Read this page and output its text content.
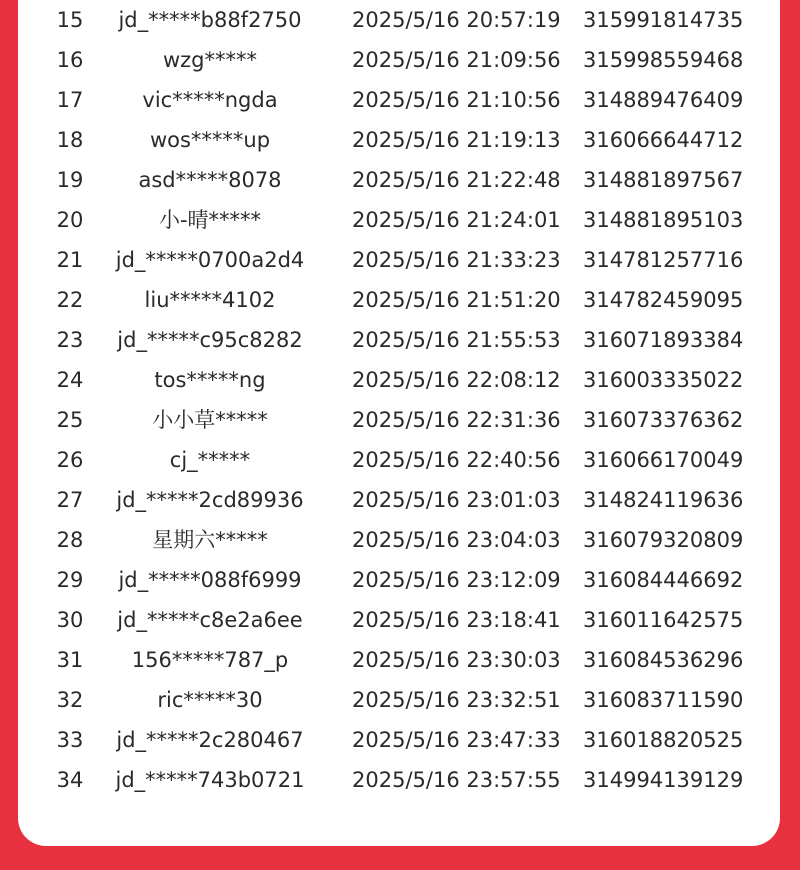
15	jd_*****b88f2750	2025/5/16 20:57:19 315991814735
16	wzg*****	2025/5/16 21:09:56 315998559468
17	vic*****ngda	2025/5/16 21:10:56 314889476409
18	wos*****up	2025/5/16 21:19:13 316066644712
19	asd*****8078	2025/5/16 21:22:48 314881897567
20	小-晴*****	2025/5/16 21:24:01 314881895103
21	jd_*****0700a2d4 2025/5/16 21:33:23 314781257716
22	liu*****4102	2025/5/16 21:51:20 314782459095
23	jd_*****c95c8282	2025/5/16 21:55:53 316071893384
24	tos*****ng	2025/5/16 22:08:12 316003335022
25	小小草*****	2025/5/16 22:31:36 316073376362
26	cj_*****	2025/5/16 22:40:56 316066170049
27	jd_*****2cd89936	2025/5/16 23:01:03 314824119636
28	星期六*****	2025/5/16 23:04:03 316079320809
29	jd_*****088f6999	2025/5/16 23:12:09 316084446692
30	jd_*****c8e2a6ee	2025/5/16 23:18:41 316011642575
31	156*****787_p	2025/5/16 23:30:03 316084536296
32	ric*****30	2025/5/16 23:32:51 316083711590
33	jd_*****2c280467	2025/5/16 23:47:33 316018820525
34	jd_*****743b0721 2025/5/16 23:57:55 314994139129
